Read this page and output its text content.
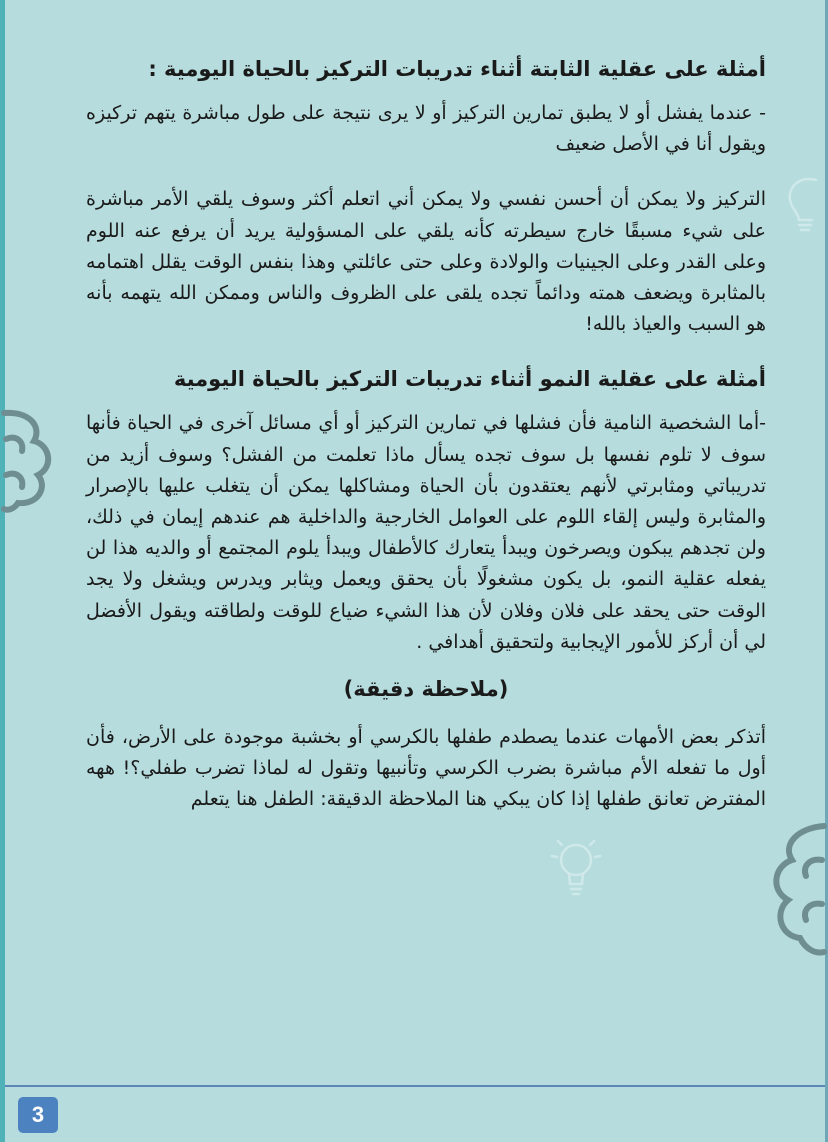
أمثلة على عقلية الثابتة أثناء تدريبات التركيز بالحياة اليومية :

- عندما يفشل أو لا يطبق تمارين التركيز أو لا يرى نتيجة على طول مباشرة يتهم تركيزه ويقول أنا في الأصل ضعيف

التركيز ولا يمكن أن أحسن نفسي ولا يمكن أني اتعلم أكثر وسوف يلقي الأمر مباشرة على شيء مسبقًا خارج سيطرته كأنه يلقي على المسؤولية يريد أن يرفع عنه اللوم وعلى القدر وعلى الجينيات والولادة وعلى حتى عائلتي وهذا بنفس الوقت يقلل اهتمامه بالمثابرة ويضعف همته ودائماً تجده يلقى على الظروف والناس وممكن الله يتهمه بأنه هو السبب والعياذ بالله!

أمثلة على عقلية النمو أثناء تدريبات التركيز بالحياة اليومية

-أما الشخصية النامية فأن فشلها في تمارين التركيز أو أي مسائل آخرى في الحياة فأنها سوف لا تلوم نفسها بل سوف تجده يسأل ماذا تعلمت من الفشل؟ وسوف أزيد من تدريباتي ومثابرتي لأنهم يعتقدون بأن الحياة ومشاكلها يمكن أن يتغلب عليها بالإصرار والمثابرة وليس إلقاء اللوم على العوامل الخارجية والداخلية هم عندهم إيمان في ذلك، ولن تجدهم يبكون ويصرخون ويبدأ يتعارك كالأطفال ويبدأ يلوم المجتمع أو والديه هذا لن يفعله عقلية النمو، بل يكون مشغولًا بأن يحقق ويعمل ويثابر ويدرس ويشغل ولا يجد الوقت حتى يحقد على فلان وفلان لأن هذا الشيء ضياع للوقت ولطاقته ويقول الأفضل لي أن أركز للأمور الإيجابية ولتحقيق أهدافي .

(ملاحظة دقيقة)

أتذكر بعض الأمهات عندما يصطدم طفلها بالكرسي أو بخشبة موجودة على الأرض، فأن أول ما تفعله الأم مباشرة بضرب الكرسي وتأنبيها وتقول له لماذا تضرب طفلي؟! ههه المفترض تعانق طفلها إذا كان يبكي هنا الملاحظة الدقيقة: الطفل هنا يتعلم

3
